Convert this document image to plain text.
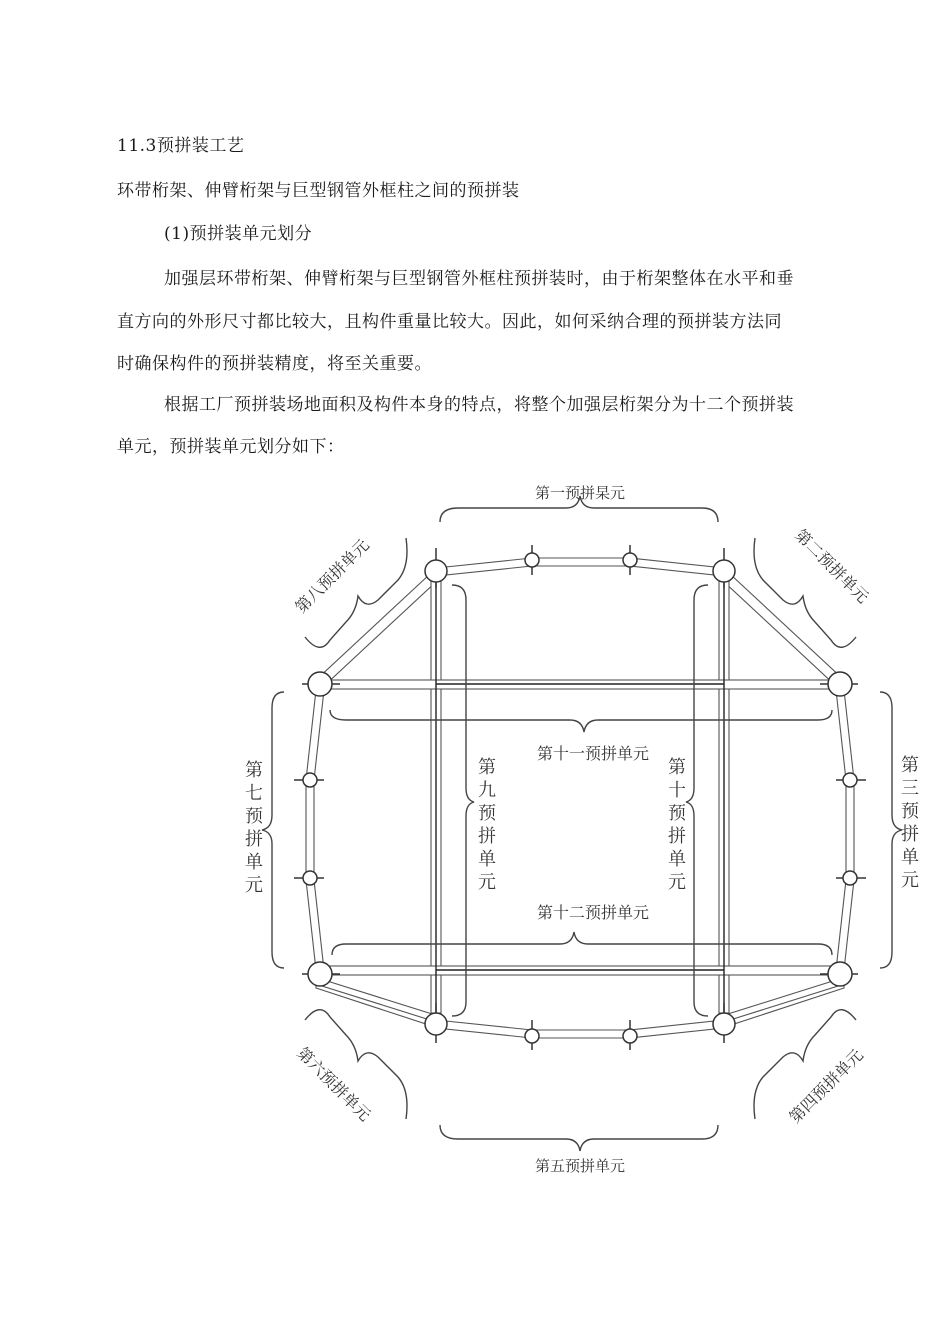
11.3预拼装工艺
环带桁架、伸臂桁架与巨型钢管外框柱之间的预拼装
(1)预拼装单元划分
加强层环带桁架、伸臂桁架与巨型钢管外框柱预拼装时，由于桁架整体在水平和垂
直方向的外形尺寸都比较大，且构件重量比较大。因此，如何采纳合理的预拼装方法同
时确保构件的预拼装精度，将至关重要。
根据工厂预拼装场地面积及构件本身的特点，将整个加强层桁架分为十二个预拼装
单元，预拼装单元划分如下：
第一预拼杲元
第五预拼单元
第十一预拼单元
第十二预拼单元
第八预拼单元	第二预拼单元
第六预拼单元	第四预拼单元
第
七
预
拼
单
元
第
三
预
拼
单
元
第
九
预
拼
单
元
第
十
预
拼
单
元
